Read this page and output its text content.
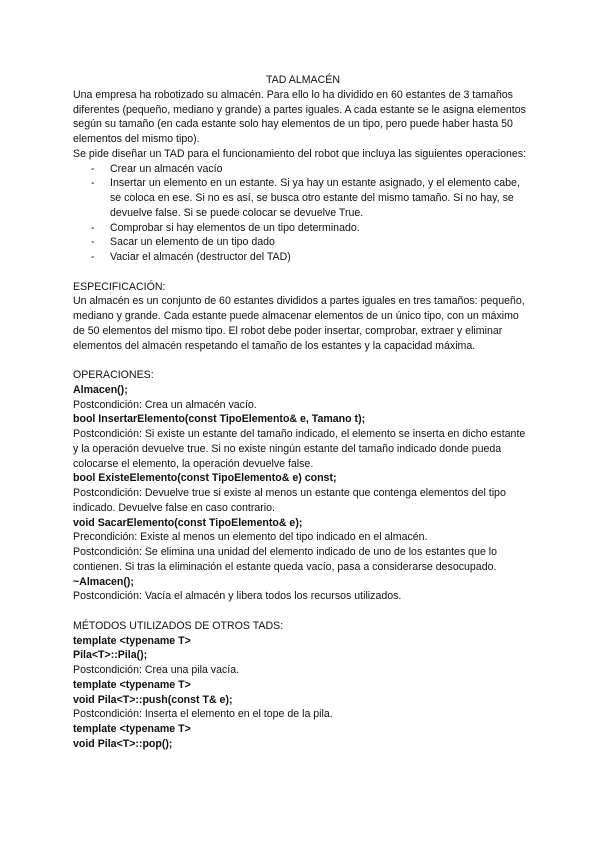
TAD ALMACÉN

Una empresa ha robotizado su almacén. Para ello lo ha dividido en 60 estantes de 3 tamaños diferentes (pequeño, mediano y grande) a partes iguales. A cada estante se le asigna elementos según su tamaño (en cada estante solo hay elementos de un tipo, pero puede haber hasta 50 elementos del mismo tipo).

Se pide diseñar un TAD para el funcionamiento del robot que incluya las siguientes operaciones:

- Crear un almacén vacío
- Insertar un elemento en un estante. Si ya hay un estante asignado, y el elemento cabe, se coloca en ese. Si no es así, se busca otro estante del mismo tamaño. Si no hay, se devuelve false. Si se puede colocar se devuelve True.
- Comprobar si hay elementos de un tipo determinado.
- Sacar un elemento de un tipo dado
- Vaciar el almacén (destructor del TAD)

ESPECIFICACIÓN:

Un almacén es un conjunto de 60 estantes divididos a partes iguales en tres tamaños: pequeño, mediano y grande. Cada estante puede almacenar elementos de un único tipo, con un máximo de 50 elementos del mismo tipo. El robot debe poder insertar, comprobar, extraer y eliminar elementos del almacén respetando el tamaño de los estantes y la capacidad máxima.

OPERACIONES:

Almacen();

Postcondición: Crea un almacén vacío.

bool InsertarElemento(const TipoElemento& e, Tamano t);

Postcondición: Si existe un estante del tamaño indicado, el elemento se inserta en dicho estante y la operación devuelve true. Si no existe ningún estante del tamaño indicado donde pueda colocarse el elemento, la operación devuelve false.

bool ExisteElemento(const TipoElemento& e) const;

Postcondición: Devuelve true si existe al menos un estante que contenga elementos del tipo indicado. Devuelve false en caso contrario.

void SacarElemento(const TipoElemento& e);

Precondición: Existe al menos un elemento del tipo indicado en el almacén.

Postcondición: Se elimina una unidad del elemento indicado de uno de los estantes que lo contienen. Si tras la eliminación el estante queda vacío, pasa a considerarse desocupado.

~Almacen();

Postcondición: Vacía el almacén y libera todos los recursos utilizados.

MÉTODOS UTILIZADOS DE OTROS TADS:

template <typename T>

Pila<T>::Pila();

Postcondición: Crea una pila vacía.

template <typename T>

void Pila<T>::push(const T& e);

Postcondición: Inserta el elemento en el tope de la pila.

template <typename T>

void Pila<T>::pop();
